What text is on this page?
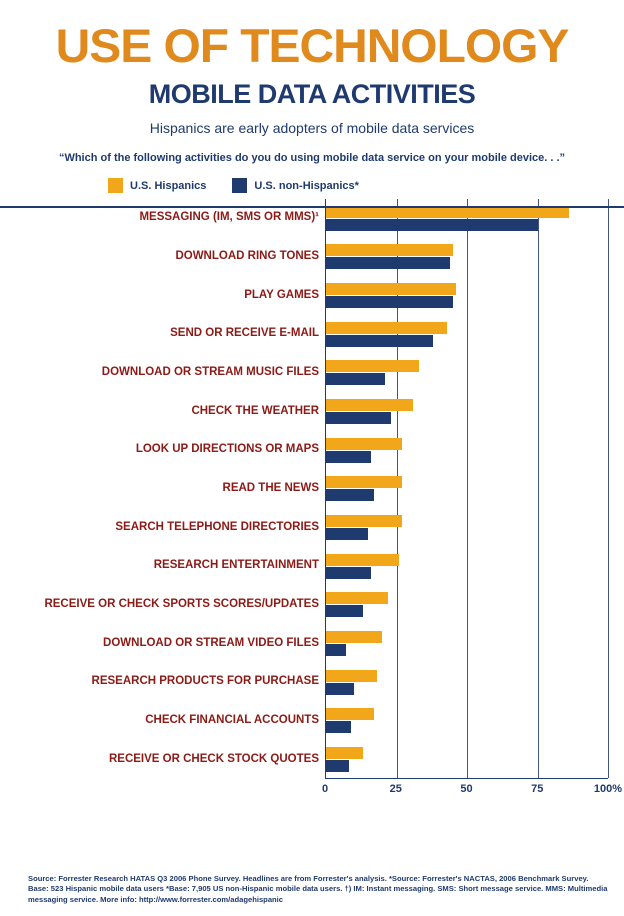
USE OF TECHNOLOGY
MOBILE DATA ACTIVITIES
Hispanics are early adopters of mobile data services
“Which of the following activities do you do using mobile data service on your mobile device. . .”
U.S. Hispanics	U.S. non-Hispanics*
MESSAGING (IM, SMS OR MMS)¹
DOWNLOAD RING TONES
PLAY GAMES
SEND OR RECEIVE E-MAIL
DOWNLOAD OR STREAM MUSIC FILES
CHECK THE WEATHER
LOOK UP DIRECTIONS OR MAPS
READ THE NEWS
SEARCH TELEPHONE DIRECTORIES
RESEARCH ENTERTAINMENT
RECEIVE OR CHECK SPORTS SCORES/UPDATES
DOWNLOAD OR STREAM VIDEO FILES
RESEARCH PRODUCTS FOR PURCHASE
CHECK FINANCIAL ACCOUNTS
RECEIVE OR CHECK STOCK QUOTES
0	25	50	75	100%
Source: Forrester Research HATAS Q3 2006 Phone Survey. Headlines are from Forrester's analysis. *Source: Forrester's NACTAS, 2006 Benchmark Survey. Base: 523 Hispanic mobile data users *Base: 7,905 US non-Hispanic mobile data users. †) IM: Instant messaging. SMS: Short message service. MMS: Multimedia messaging service. More info: http://www.forrester.com/adagehispanic
